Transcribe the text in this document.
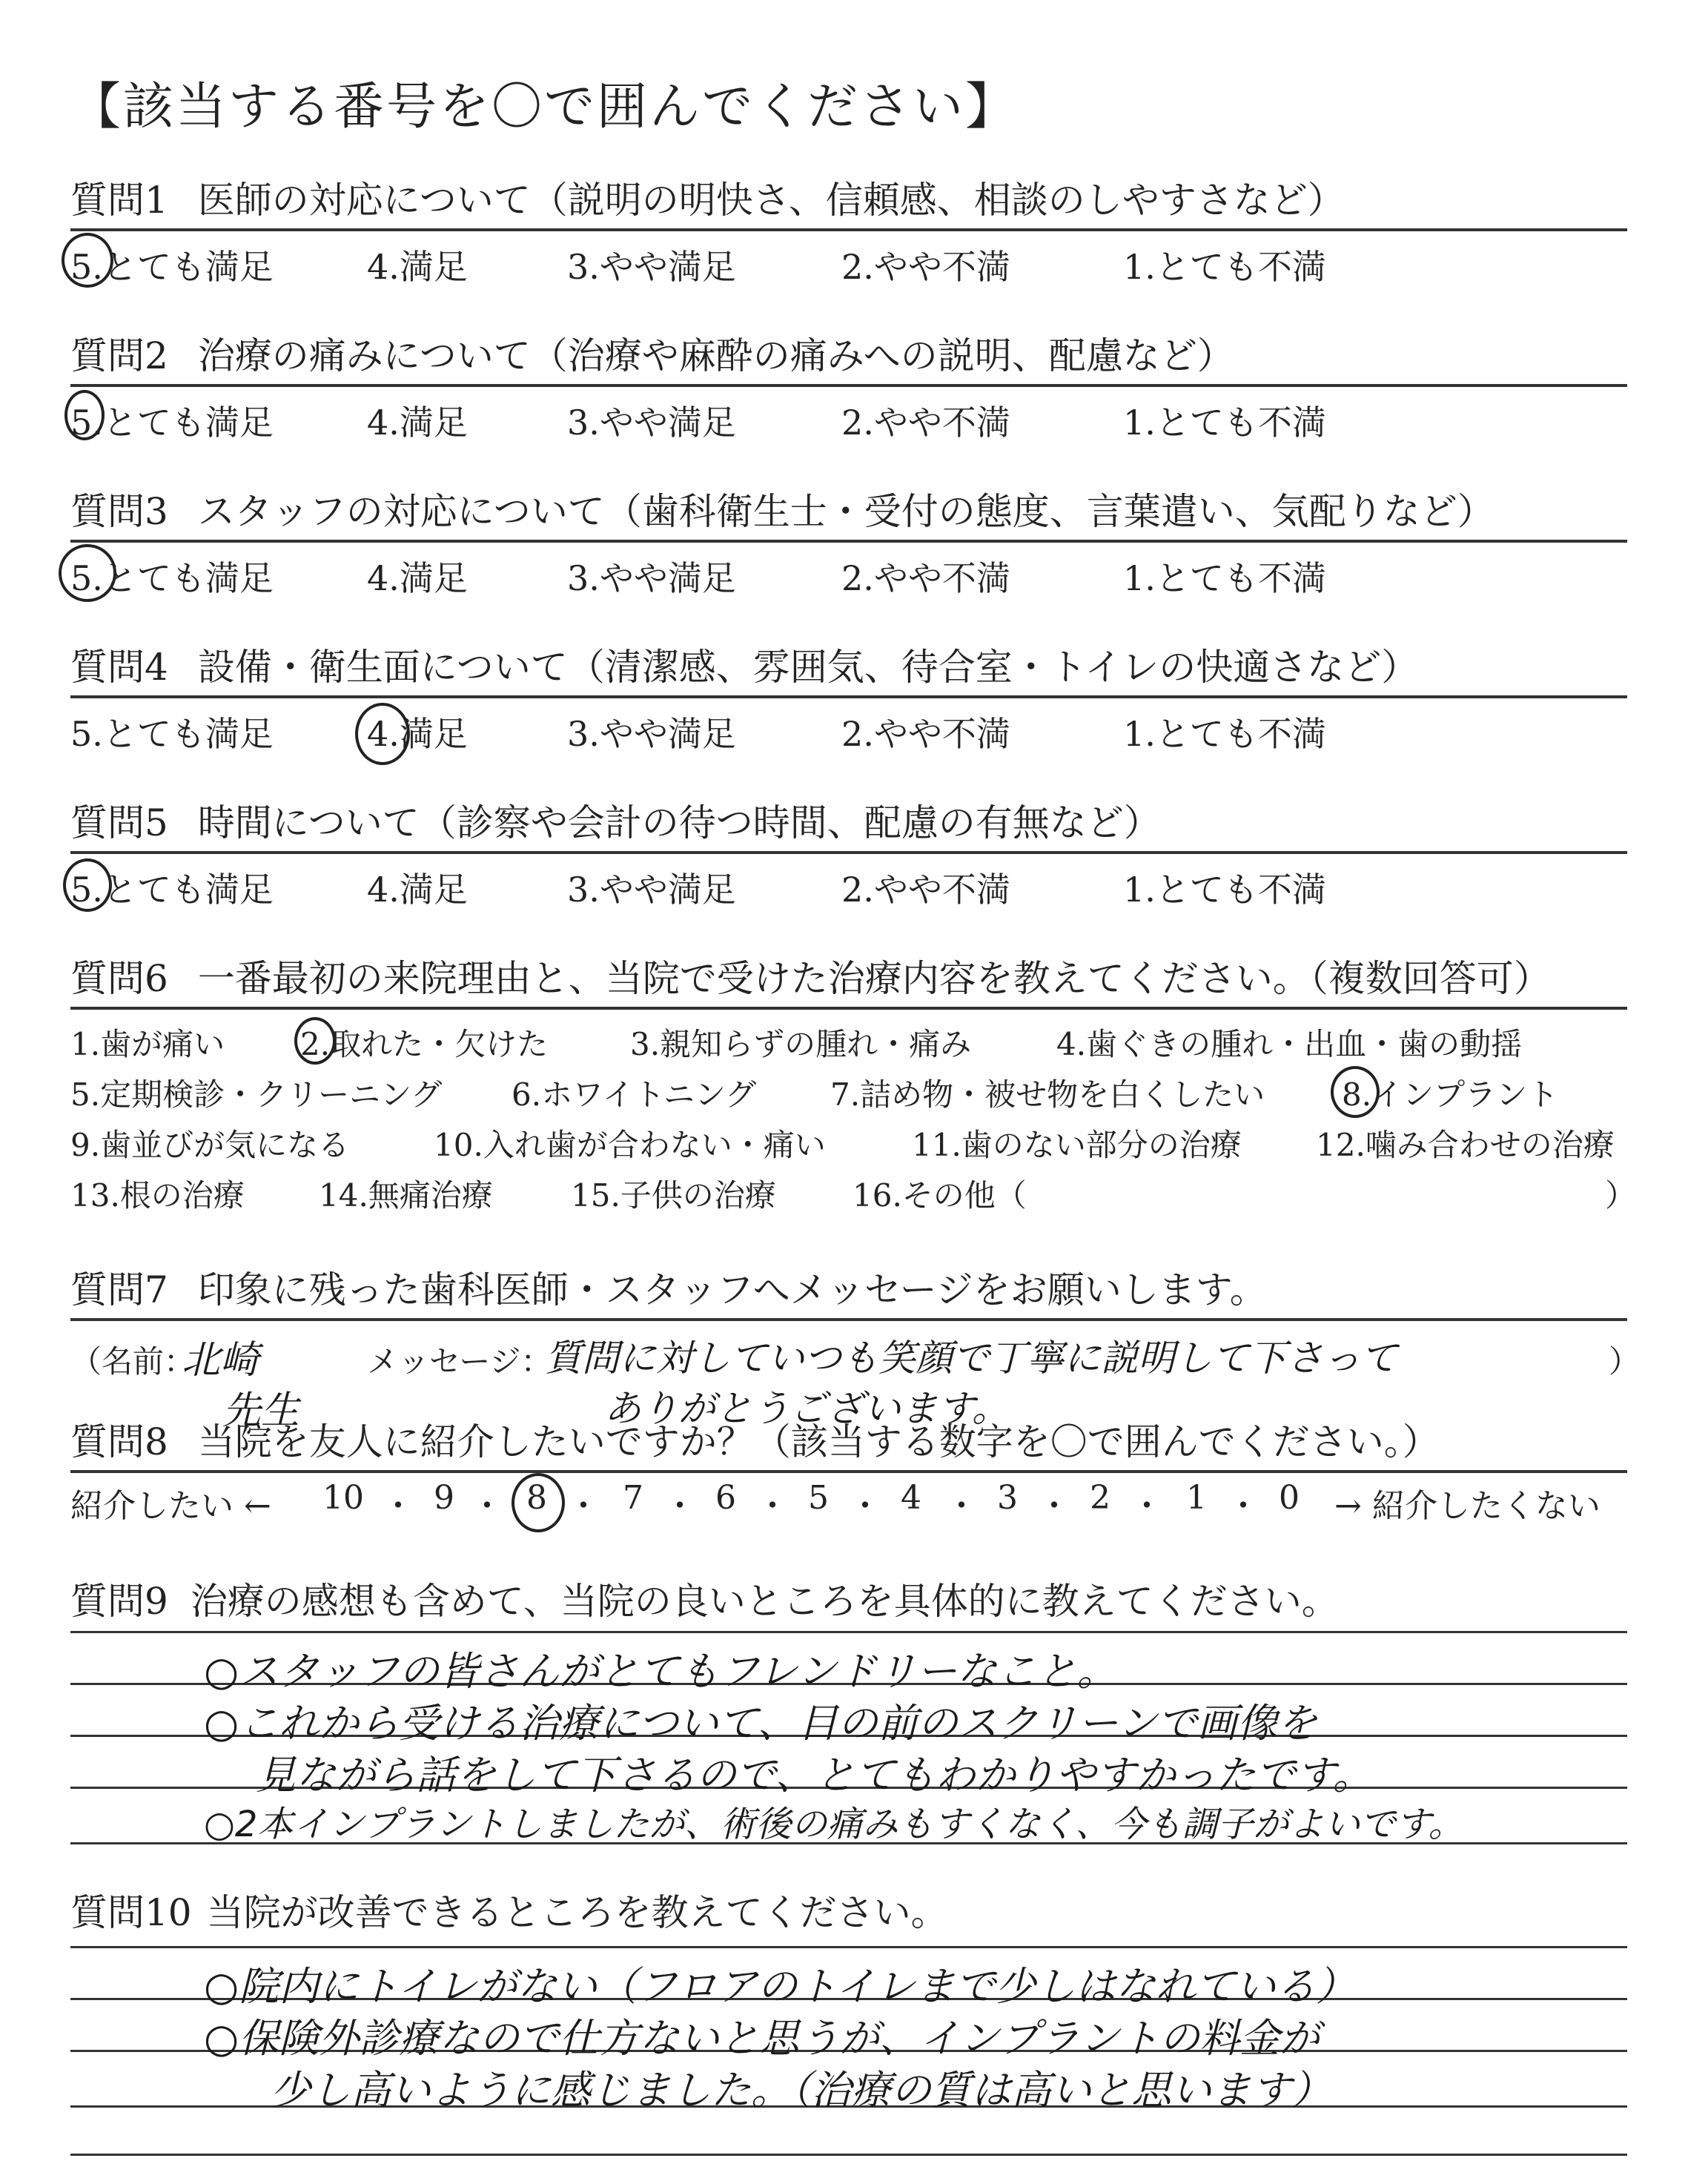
【該当する番号を〇で囲んでください】
質問1 医師の対応について（説明の明快さ、信頼感、相談のしやすさなど）
5.とても満足	4.満足	3.やや満足	2.やや不満	1.とても不満
質問2 治療の痛みについて（治療や麻酔の痛みへの説明、配慮など）
5.とても満足	4.満足	3.やや満足	2.やや不満	1.とても不満
質問3 スタッフの対応について（歯科衛生士・受付の態度、言葉遣い、気配りなど）
5.とても満足	4.満足	3.やや満足	2.やや不満	1.とても不満
質問4 設備・衛生面について（清潔感、雰囲気、待合室・トイレの快適さなど）
5.とても満足	4.満足	3.やや満足	2.やや不満	1.とても不満
質問5 時間について（診察や会計の待つ時間、配慮の有無など）
5.とても満足	4.満足	3.やや満足	2.やや不満	1.とても不満
質問6 一番最初の来院理由と、当院で受けた治療内容を教えてください。（複数回答可）
1.歯が痛い 2.取れた・欠けた	3.親知らずの腫れ・痛み	4.歯ぐきの腫れ・出血・歯の動揺
5.定期検診・クリーニング 6.ホワイトニング 7.詰め物・被せ物を白くしたい 8.インプラント
9.歯並びが気になる	10.入れ歯が合わない・痛い	11.歯のない部分の治療 12.噛み合わせの治療
13.根の治療 14.無痛治療	15.子供の治療 16.その他（	）
質問7 印象に残った歯科医師・スタッフへメッセージをお願いします。
（名前：
北崎
先生
メッセージ：
質問に対していつも笑顔で丁寧に説明して下さって
ありがとうございます。
）
質問8 当院を友人に紹介したいですか？（該当する数字を〇で囲んでください。）
紹介したい ← 10 ・ 9 ・ 8 ・ 7 ・ 6 ・ 5 ・ 4 ・ 3 ・ 2 ・ 1 ・ 0 → 紹介したくない
質問9 治療の感想も含めて、当院の良いところを具体的に教えてください。
○スタッフの皆さんがとてもフレンドリーなこと。
○これから受ける治療について、目の前のスクリーンで画像を
見ながら話をして下さるので、とてもわかりやすかったです。
○2本インプラントしましたが、術後の痛みもすくなく、今も調子がよいです。
質問10 当院が改善できるところを教えてください。
○院内にトイレがない（フロアのトイレまで少しはなれている）
○保険外診療なので仕方ないと思うが、インプラントの料金が
少し高いように感じました。（治療の質は高いと思います）
